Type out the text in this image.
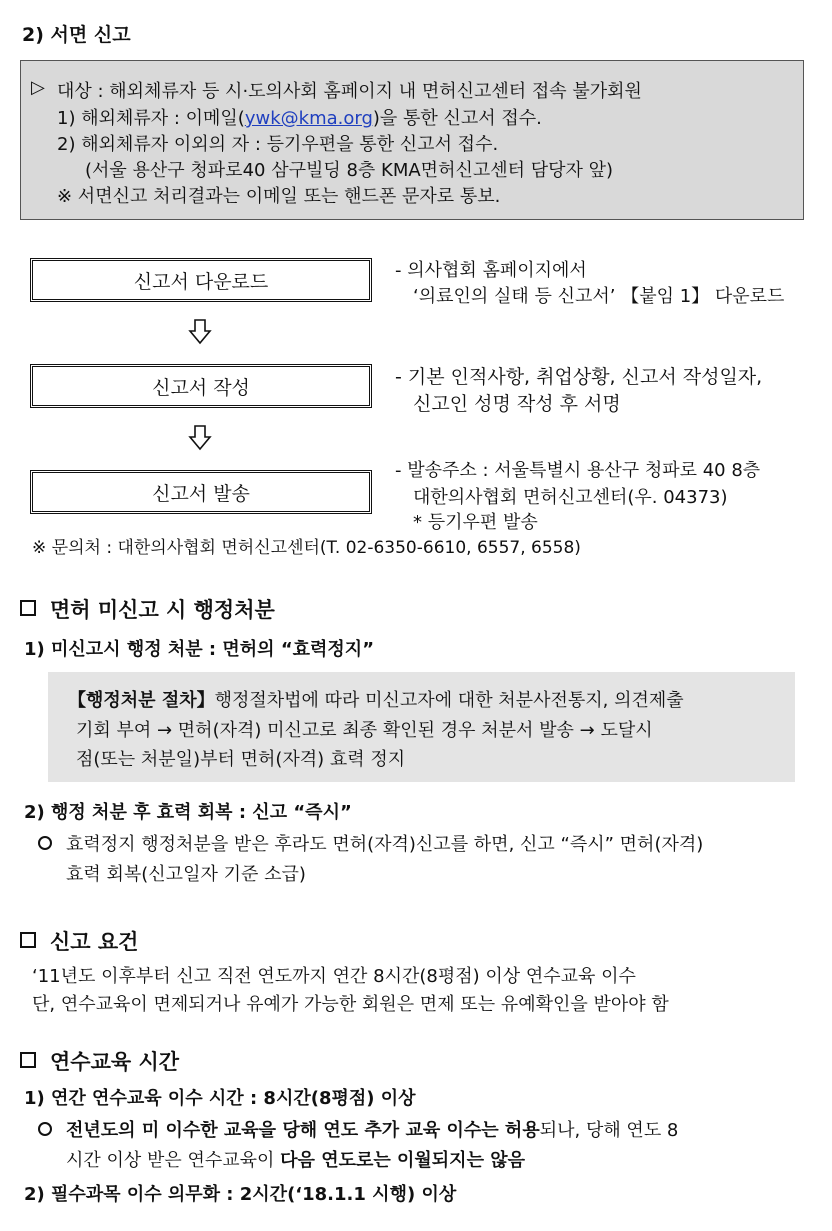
2) 서면 신고
▷ 대상 : 해외체류자 등 시·도의사회 홈페이지 내 면허신고센터 접속 불가회원
1) 해외체류자 : 이메일(ywk@kma.org)을 통한 신고서 접수.
2) 해외체류자 이외의 자 : 등기우편을 통한 신고서 접수.
(서울 용산구 청파로40 삼구빌딩 8층 KMA면허신고센터 담당자 앞)
※ 서면신고 처리결과는 이메일 또는 핸드폰 문자로 통보.
신고서 다운로드	- 의사협회 홈페이지에서
‘의료인의 실태 등 신고서’ 【붙임 1】 다운로드
신고서 작성	- 기본 인적사항, 취업상황, 신고서 작성일자,
신고인 성명 작성 후 서명
신고서 발송
- 발송주소 : 서울특별시 용산구 청파로 40 8층
대한의사협회 면허신고센터(우. 04373)
* 등기우편 발송
※ 문의처 : 대한의사협회 면허신고센터(T. 02-6350-6610, 6557, 6558)
면허 미신고 시 행정처분
1) 미신고시 행정 처분 : 면허의 “효력정지”
【행정처분 절차】행정절차법에 따라 미신고자에 대한 처분사전통지, 의견제출
기회 부여 → 면허(자격) 미신고로 최종 확인된 경우 처분서 발송 → 도달시
점(또는 처분일)부터 면허(자격) 효력 정지
2) 행정 처분 후 효력 회복 : 신고 “즉시”
효력정지 행정처분을 받은 후라도 면허(자격)신고를 하면, 신고 “즉시” 면허(자격)
효력 회복(신고일자 기준 소급)
신고 요건
‘11년도 이후부터 신고 직전 연도까지 연간 8시간(8평점) 이상 연수교육 이수
단, 연수교육이 면제되거나 유예가 가능한 회원은 면제 또는 유예확인을 받아야 함
연수교육 시간
1) 연간 연수교육 이수 시간 : 8시간(8평점) 이상
전년도의 미 이수한 교육을 당해 연도 추가 교육 이수는 허용되나, 당해 연도 8
시간 이상 받은 연수교육이 다음 연도로는 이월되지는 않음
2) 필수과목 이수 의무화 : 2시간(‘18.1.1 시행) 이상
